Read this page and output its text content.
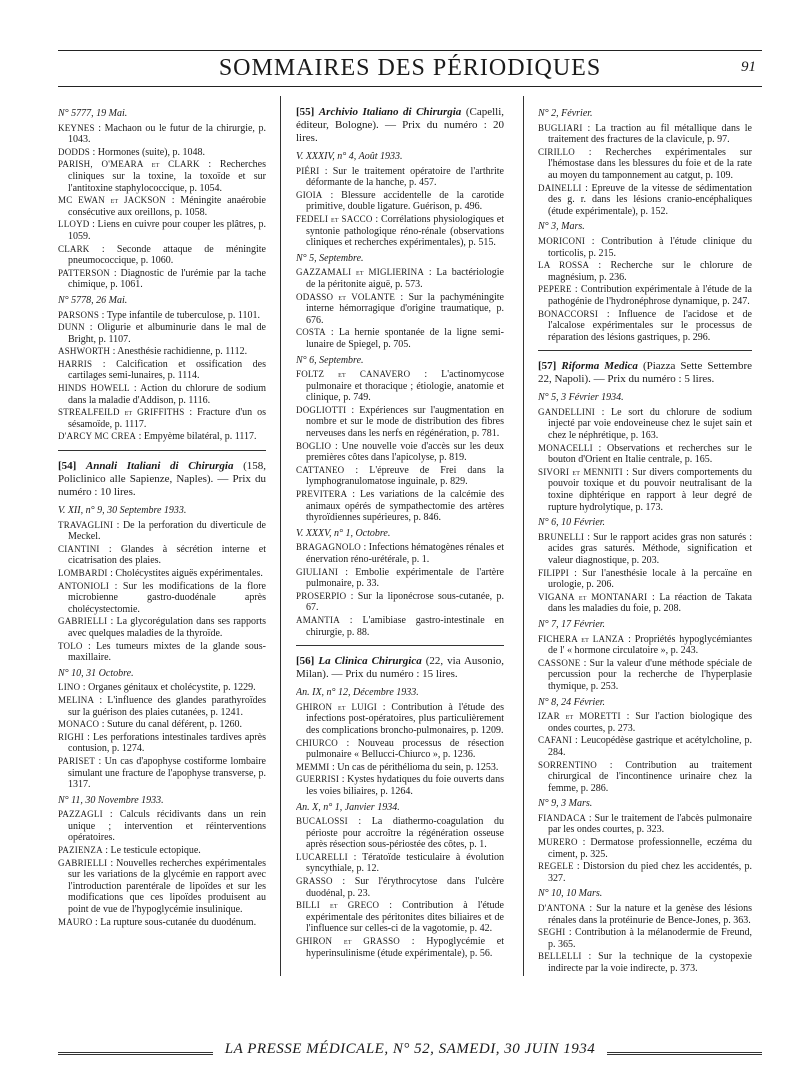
SOMMAIRES DES PÉRIODIQUES	91
N° 5777, 19 Mai.
KEYNES : Machaon ou le futur de la chirurgie, p. 1043.
DODDS : Hormones (suite), p. 1048.
PARISH, O'MEARA et CLARK : Recherches cliniques sur la toxine, la toxoïde et sur l'antitoxine staphylococcique, p. 1054.
MC EWAN et JACKSON : Méningite anaérobie consécutive aux oreillons, p. 1058.
LLOYD : Liens en cuivre pour couper les plâtres, p. 1059.
CLARK : Seconde attaque de méningite pneumococcique, p. 1060.
PATTERSON : Diagnostic de l'urémie par la tache chimique, p. 1061.
N° 5778, 26 Mai.
PARSONS : Type infantile de tuberculose, p. 1101.
DUNN : Oligurie et albuminurie dans le mal de Bright, p. 1107.
ASHWORTH : Anesthésie rachidienne, p. 1112.
HARRIS : Calcification et ossification des cartilages semi-lunaires, p. 1114.
HINDS HOWELL : Action du chlorure de sodium dans la maladie d'Addison, p. 1116.
STREALFEILD et GRIFFITHS : Fracture d'un os sésamoïde, p. 1117.
D'ARCY MC CREA : Empyème bilatéral, p. 1117.
[54] Annali Italiani di Chirurgia (158, Policlinico alle Sapienze, Naples). — Prix du numéro : 10 lires.
V. XII, n° 9, 30 Septembre 1933.
TRAVAGLINI : De la perforation du diverticule de Meckel.
CIANTINI : Glandes à sécrétion interne et cicatrisation des plaies.
LOMBARDI : Cholécystites aiguës expérimentales.
ANTONIOLI : Sur les modifications de la flore microbienne gastro-duodénale après cholécystectomie.
GABRIELLI : La glycorégulation dans ses rapports avec quelques maladies de la thyroïde.
TOLO : Les tumeurs mixtes de la glande sous-maxillaire.
N° 10, 31 Octobre.
LINO : Organes génitaux et cholécystite, p. 1229.
MELINA : L'influence des glandes parathyroïdes sur la guérison des plaies cutanées, p. 1241.
MONACO : Suture du canal déférent, p. 1260.
RIGHI : Les perforations intestinales tardives après contusion, p. 1274.
PARISET : Un cas d'apophyse costiforme lombaire simulant une fracture de l'apophyse transverse, p. 1317.
N° 11, 30 Novembre 1933.
PAZZAGLI : Calculs récidivants dans un rein unique ; intervention et réinterventions opératoires.
PAZIENZA : Le testicule ectopique.
GABRIELLI : Nouvelles recherches expérimentales sur les variations de la glycémie en rapport avec l'introduction parentérale de lipoïdes et sur les modifications que ces lipoïdes produisent au point de vue de l'hypoglycémie insulinique.
MAURO : La rupture sous-cutanée du duodénum.
[55] Archivio Italiano di Chirurgia (Capelli, éditeur, Bologne). — Prix du numéro : 20 lires.
V. XXXIV, n° 4, Août 1933.
PIÉRI : Sur le traitement opératoire de l'arthrite déformante de la hanche, p. 457.
GIOIA : Blessure accidentelle de la carotide primitive, double ligature. Guérison, p. 496.
FEDELI et SACCO : Corrélations physiologiques et syntonie pathologique réno-rénale (observations cliniques et recherches expérimentales), p. 515.
N° 5, Septembre.
GAZZAMALI et MIGLIERINA : La bactériologie de la péritonite aiguë, p. 573.
ODASSO et VOLANTE : Sur la pachyméningite interne hémorragique d'origine traumatique, p. 676.
COSTA : La hernie spontanée de la ligne semi-lunaire de Spiegel, p. 705.
N° 6, Septembre.
FOLTZ et CANAVERO : L'actinomycose pulmonaire et thoracique ; étiologie, anatomie et clinique, p. 749.
DOGLIOTTI : Expériences sur l'augmentation en nombre et sur le mode de distribution des fibres nerveuses dans les nerfs en régénération, p. 781.
BOGLIO : Une nouvelle voie d'accès sur les deux premières côtes dans l'apicolyse, p. 819.
CATTANEO : L'épreuve de Frei dans la lymphogranulomatose inguinale, p. 829.
PREVITERA : Les variations de la calcémie des animaux opérés de sympathectomie des artères thyroïdiennes supérieures, p. 846.
V. XXXV, n° 1, Octobre.
BRAGAGNOLO : Infections hématogènes rénales et énervation réno-urétérale, p. 1.
GIULIANI : Embolie expérimentale de l'artère pulmonaire, p. 33.
PROSERPIO : Sur la liponécrose sous-cutanée, p. 67.
AMANTIA : L'amibiase gastro-intestinale en chirurgie, p. 88.
[56] La Clinica Chirurgica (22, via Ausonio, Milan). — Prix du numéro : 15 lires.
An. IX, n° 12, Décembre 1933.
GHIRON et LUIGI : Contribution à l'étude des infections post-opératoires, plus particulièrement des complications broncho-pulmonaires, p. 1209.
CHIURCO : Nouveau processus de résection pulmonaire « Bellucci-Chiurco », p. 1236.
MEMMI : Un cas de périthélioma du sein, p. 1253.
GUERRISI : Kystes hydatiques du foie ouverts dans les voies biliaires, p. 1264.
An. X, n° 1, Janvier 1934.
BUCALOSSI : La diathermo-coagulation du périoste pour accroître la régénération osseuse après résection sous-périostée des côtes, p. 1.
LUCARELLI : Tératoïde testiculaire à évolution syncythiale, p. 12.
GRASSO : Sur l'érythrocytose dans l'ulcère duodénal, p. 23.
BILLI et GRECO : Contribution à l'étude expérimentale des péritonites dites biliaires et de l'influence sur celles-ci de la vagotomie, p. 42.
GHIRON et GRASSO : Hypoglycémie et hyperinsulinisme (étude expérimentale), p. 56.
N° 2, Février.
BUGLIARI : La traction au fil métallique dans le traitement des fractures de la clavicule, p. 97.
CIRILLO : Recherches expérimentales sur l'hémostase dans les blessures du foie et de la rate au moyen du tamponnement au catgut, p. 109.
DAINELLI : Epreuve de la vitesse de sédimentation des g. r. dans les lésions cranio-encéphaliques (étude expérimentale), p. 152.
N° 3, Mars.
MORICONI : Contribution à l'étude clinique du torticolis, p. 215.
LA ROSSA : Recherche sur le chlorure de magnésium, p. 236.
PEPERE : Contribution expérimentale à l'étude de la pathogénie de l'hydronéphrose dynamique, p. 247.
BONACCORSI : Influence de l'acidose et de l'alcalose expérimentales sur le processus de réparation des lésions gastriques, p. 296.
[57] Riforma Medica (Piazza Sette Settembre 22, Napoli). — Prix du numéro : 5 lires.
N° 5, 3 Février 1934.
GANDELLINI : Le sort du chlorure de sodium injecté par voie endoveineuse chez le sujet sain et chez le néphrétique, p. 163.
MONACELLI : Observations et recherches sur le bouton d'Orient en Italie centrale, p. 165.
SIVORI et MENNITI : Sur divers comportements du pouvoir toxique et du pouvoir neutralisant de la toxine diphtérique en rapport à leur degré de rupture hydrolytique, p. 173.
N° 6, 10 Février.
BRUNELLI : Sur le rapport acides gras non saturés : acides gras saturés. Méthode, signification et valeur diagnostique, p. 203.
FILIPPI : Sur l'anesthésie locale à la percaïne en urologie, p. 206.
VIGANA et MONTANARI : La réaction de Takata dans les maladies du foie, p. 208.
N° 7, 17 Février.
FICHERA et LANZA : Propriétés hypoglycémiantes de l' « hormone circulatoire », p. 243.
CASSONE : Sur la valeur d'une méthode spéciale de percussion pour la recherche de l'hyperplasie thymique, p. 253.
N° 8, 24 Février.
IZAR et MORETTI : Sur l'action biologique des ondes courtes, p. 273.
CAFANI : Leucopédèse gastrique et acétylcholine, p. 284.
SORRENTINO : Contribution au traitement chirurgical de l'incontinence urinaire chez la femme, p. 286.
N° 9, 3 Mars.
FIANDACA : Sur le traitement de l'abcès pulmonaire par les ondes courtes, p. 323.
MURERO : Dermatose professionnelle, eczéma du ciment, p. 325.
REGELE : Distorsion du pied chez les accidentés, p. 327.
N° 10, 10 Mars.
D'ANTONA : Sur la nature et la genèse des lésions rénales dans la protéinurie de Bence-Jones, p. 363.
SEGHI : Contribution à la mélanodermie de Freund, p. 365.
BELLELLI : Sur la technique de la cystopexie indirecte par la voie indirecte, p. 373.
LA PRESSE MÉDICALE, N° 52, SAMEDI, 30 JUIN 1934
